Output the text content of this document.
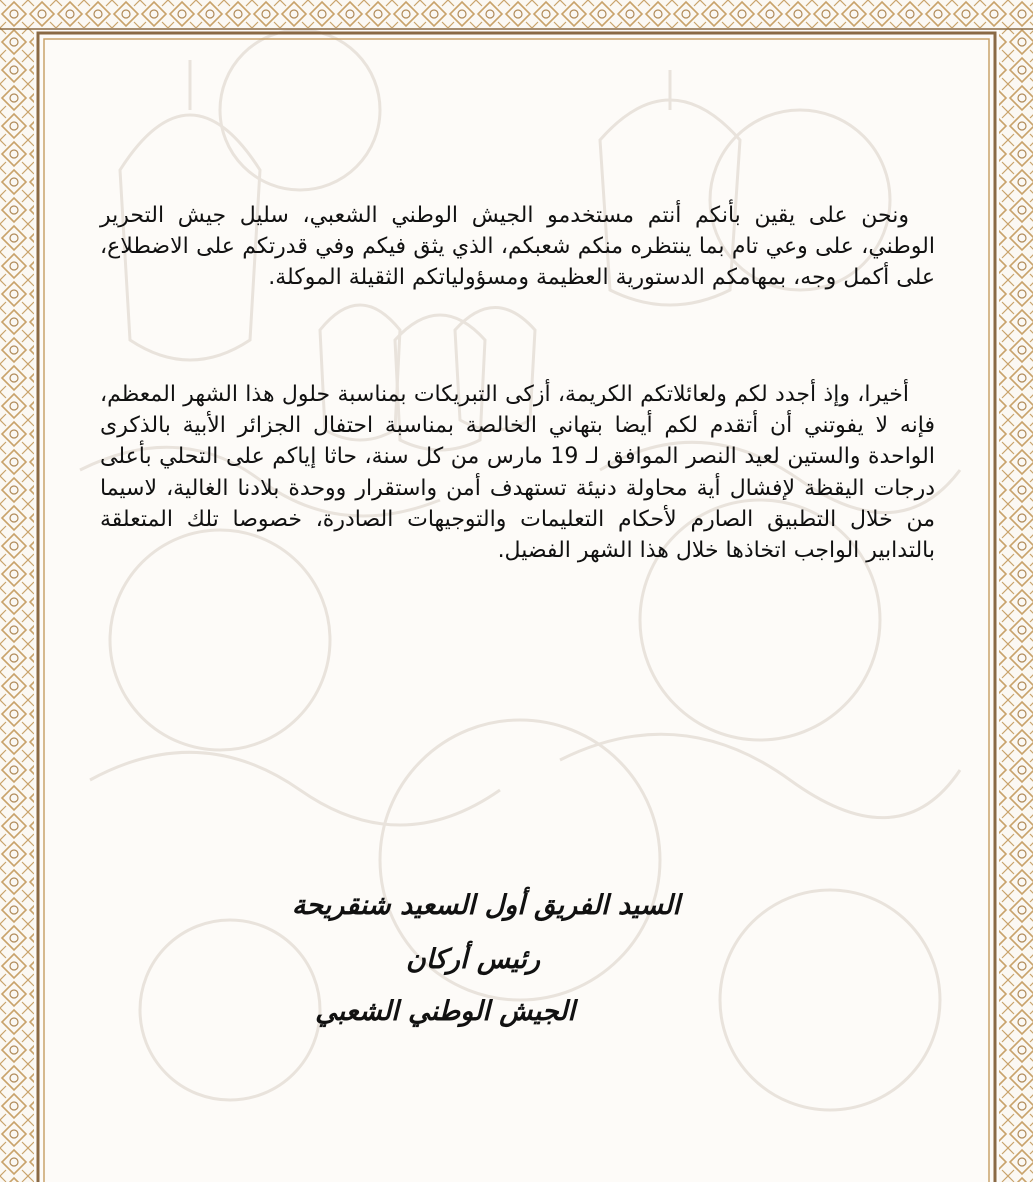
ونحن على يقين بأنكم أنتم مستخدمو الجيش الوطني الشعبي، سليل جيش التحرير الوطني، على وعي تام بما ينتظره منكم شعبكم، الذي يثق فيكم وفي قدرتكم على الاضطلاع، على أكمل وجه، بمهامكم الدستورية العظيمة ومسؤولياتكم الثقيلة الموكلة.

أخيرا، وإذ أجدد لكم ولعائلاتكم الكريمة، أزكى التبريكات بمناسبة حلول هذا الشهر المعظم، فإنه لا يفوتني أن أتقدم لكم أيضا بتهاني الخالصة بمناسبة احتفال الجزائر الأبية بالذكرى الواحدة والستين لعيد النصر الموافق لـ 19 مارس من كل سنة، حاثا إياكم على التحلي بأعلى درجات اليقظة لإفشال أية محاولة دنيئة تستهدف أمن واستقرار ووحدة بلادنا الغالية، لاسيما من خلال التطبيق الصارم لأحكام التعليمات والتوجيهات الصادرة، خصوصا تلك المتعلقة بالتدابير الواجب اتخاذها خلال هذا الشهر الفضيل.

السيد الفريق أول السعيد شنقريحة
رئيس أركان
الجيش الوطني الشعبي
